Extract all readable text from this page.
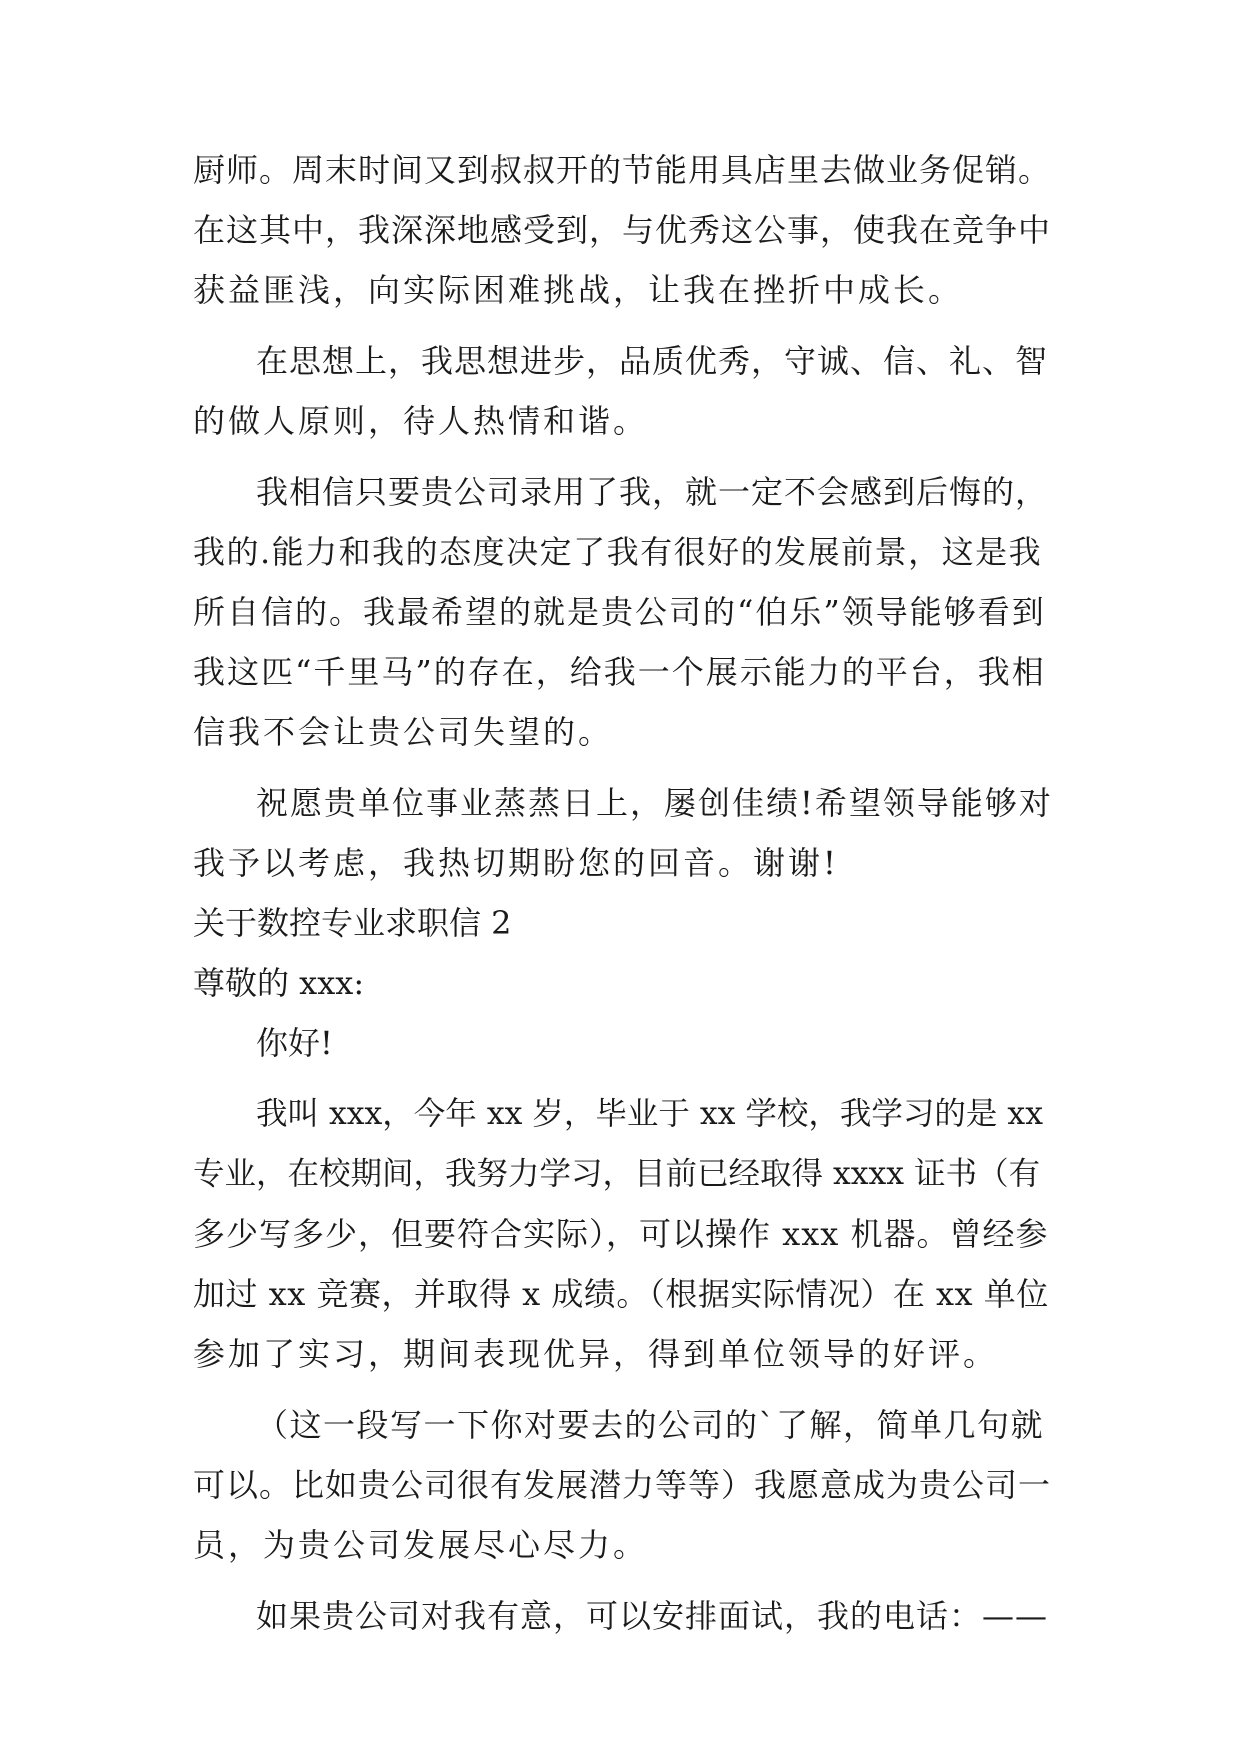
厨师。周末时间又到叔叔开的节能用具店里去做业务促销。
在这其中，我深深地感受到，与优秀这公事，使我在竞争中
获益匪浅，向实际困难挑战，让我在挫折中成长。
在思想上，我思想进步，品质优秀，守诚、信、礼、智
的做人原则，待人热情和谐。
我相信只要贵公司录用了我，就一定不会感到后悔的，
我的.能力和我的态度决定了我有很好的发展前景，这是我
所自信的。我最希望的就是贵公司的“伯乐”领导能够看到
我这匹“千里马”的存在，给我一个展示能力的平台，我相
信我不会让贵公司失望的。
祝愿贵单位事业蒸蒸日上，屡创佳绩!希望领导能够对
我予以考虑，我热切期盼您的回音。谢谢!
关于数控专业求职信 2
尊敬的 xxx:
你好!
我叫 xxx，今年 xx 岁，毕业于 xx 学校，我学习的是 xx
专业，在校期间，我努力学习，目前已经取得 xxxx 证书（有
多少写多少，但要符合实际），可以操作 xxx 机器。曾经参
加过 xx 竞赛，并取得 x 成绩。（根据实际情况）在 xx 单位
参加了实习，期间表现优异，得到单位领导的好评。
（这一段写一下你对要去的公司的`了解，简单几句就
可以。比如贵公司很有发展潜力等等）我愿意成为贵公司一
员，为贵公司发展尽心尽力。
如果贵公司对我有意，可以安排面试，我的电话：——
